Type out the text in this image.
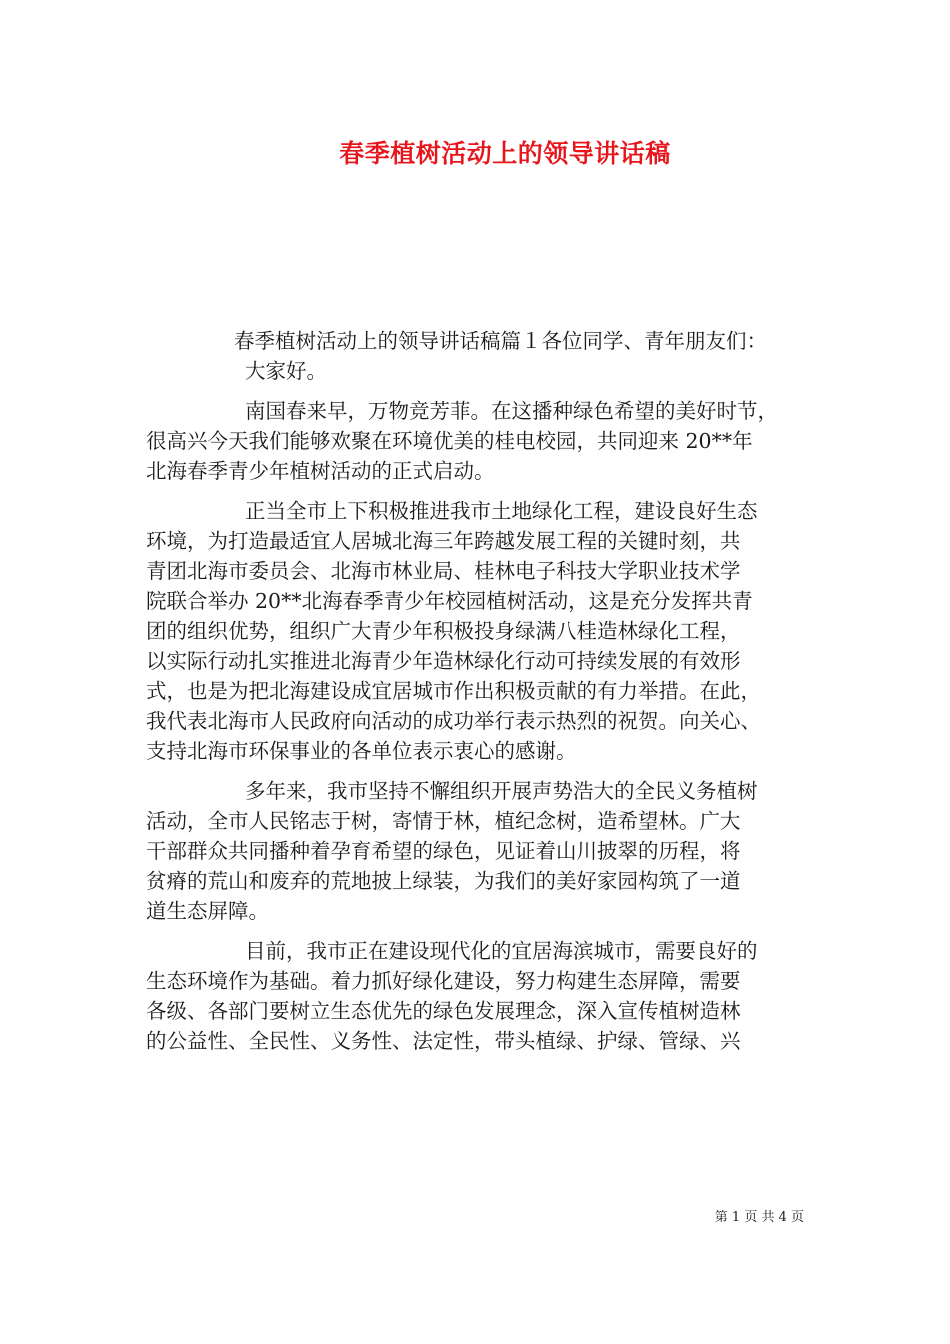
春季植树活动上的领导讲话稿
春季植树活动上的领导讲话稿篇１各位同学、青年朋友们：
大家好。
南国春来早，万物竞芳菲。在这播种绿色希望的美好时节，
很高兴今天我们能够欢聚在环境优美的桂电校园，共同迎来 20**年
北海春季青少年植树活动的正式启动。
正当全市上下积极推进我市土地绿化工程，建设良好生态
环境，为打造最适宜人居城北海三年跨越发展工程的关键时刻，共
青团北海市委员会、北海市林业局、桂林电子科技大学职业技术学
院联合举办 20**北海春季青少年校园植树活动，这是充分发挥共青
团的组织优势，组织广大青少年积极投身绿满八桂造林绿化工程，
以实际行动扎实推进北海青少年造林绿化行动可持续发展的有效形
式，也是为把北海建设成宜居城市作出积极贡献的有力举措。在此，
我代表北海市人民政府向活动的成功举行表示热烈的祝贺。向关心、
支持北海市环保事业的各单位表示衷心的感谢。
多年来，我市坚持不懈组织开展声势浩大的全民义务植树
活动，全市人民铭志于树，寄情于林，植纪念树，造希望林。广大
干部群众共同播种着孕育希望的绿色，见证着山川披翠的历程，将
贫瘠的荒山和废弃的荒地披上绿装，为我们的美好家园构筑了一道
道生态屏障。
目前，我市正在建设现代化的宜居海滨城市，需要良好的
生态环境作为基础。着力抓好绿化建设，努力构建生态屏障，需要
各级、各部门要树立生态优先的绿色发展理念，深入宣传植树造林
的公益性、全民性、义务性、法定性，带头植绿、护绿、管绿、兴
第 1 页 共 4 页
